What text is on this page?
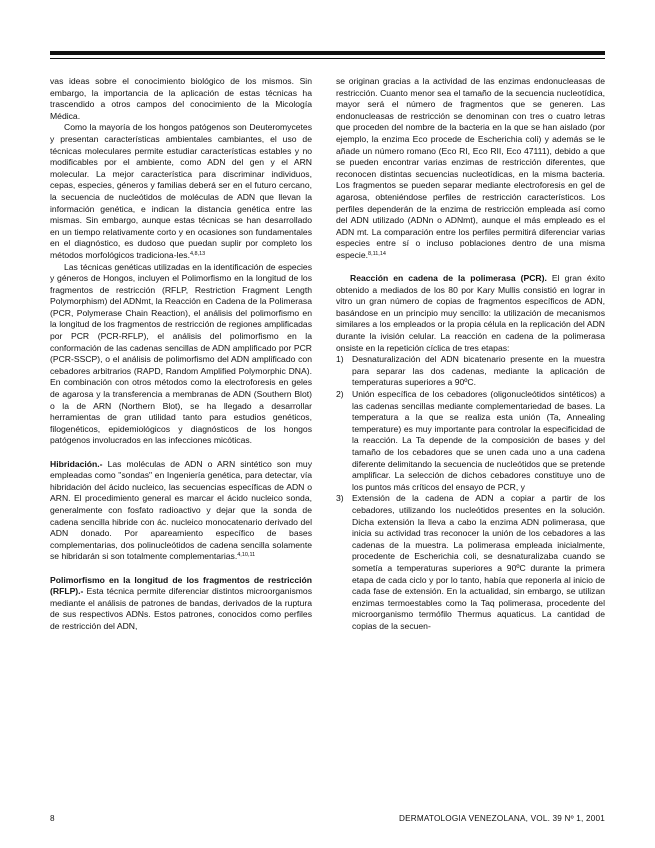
vas ideas sobre el conocimiento biológico de los mismos. Sin embargo, la importancia de la aplicación de estas técnicas ha trascendido a otros campos del conocimiento de la Micología Médica.

Como la mayoría de los hongos patógenos son Deuteromycetes y presentan características ambientales cambiantes, el uso de técnicas moleculares permite estudiar características estables y no modificables por el ambiente, como ADN del gen y el ARN molecular. La mejor característica para discriminar individuos, cepas, especies, géneros y familias deberá ser en el futuro cercano, la secuencia de nucleótidos de moléculas de ADN que llevan la información genética, e indican la distancia genética entre las mismas. Sin embargo, aunque estas técnicas se han desarrollado en un tiempo relativamente corto y en ocasiones son fundamentales en el diagnóstico, es dudoso que puedan suplir por completo los métodos morfológicos tradiciona-les.$^{4,8,13}$

Las técnicas genéticas utilizadas en la identificación de especies y géneros de Hongos, incluyen el Polimorfismo en la longitud de los fragmentos de restricción (RFLP, Restriction Fragment Length Polymorphism) del ADNmt, la Reacción en Cadena de la Polimerasa (PCR, Polymerase Chain Reaction), el análisis del polimorfismo en la longitud de los fragmentos de restricción de regiones amplificadas por PCR (PCR-RFLP), el análisis del polimorfismo en la conformación de las cadenas sencillas de ADN amplificado por PCR (PCR-SSCP), o el análisis de polimorfismo del ADN amplificado con cebadores arbitrarios (RAPD, Random Amplified Polymorphic DNA). En combinación con otros métodos como la electroforesis en geles de agarosa y la transferencia a membranas de ADN (Southern Blot) o la de ARN (Northern Blot), se ha llegado a desarrollar herramientas de gran utilidad tanto para estudios genéticos, filogenéticos, epidemiológicos y diagnósticos de los hongos patógenos involucrados en las infecciones micóticas.

Hibridación.- Las moléculas de ADN o ARN sintético son muy empleadas como "sondas" en Ingeniería genética, para detectar, vía hibridación del ácido nucleico, las secuencias específicas de ADN o ARN. El procedimiento general es marcar el ácido nucleico sonda, generalmente con fosfato radioactivo y dejar que la sonda de cadena sencilla hibride con ác. nucleico monocatenario derivado del ADN donado. Por apareamiento específico de bases complementarias, dos polinucleótidos de cadena sencilla solamente se hibridarán si son totalmente complementarias.$^{4,10,11}$

Polimorfismo en la longitud de los fragmentos de restricción (RFLP).- Esta técnica permite diferenciar distintos microorganismos mediante el análisis de patrones de bandas, derivados de la ruptura de sus respectivos ADNs. Estos patrones, conocidos como perfiles de restricción del ADN,

se originan gracias a la actividad de las enzimas endonucleasas de restricción. Cuanto menor sea el tamaño de la secuencia nucleotídica, mayor será el número de fragmentos que se generen. Las endonucleasas de restricción se denominan con tres o cuatro letras que proceden del nombre de la bacteria en la que se han aislado (por ejemplo, la enzima Eco procede de Escherichia coli) y además se le añade un número romano (Eco RI, Eco RII, Eco 47111), debido a que se pueden encontrar varias enzimas de restricción diferentes, que reconocen distintas secuencias nucleotídicas, en la misma bacteria. Los fragmentos se pueden separar mediante electroforesis en gel de agarosa, obteniéndose perfiles de restricción característicos. Los perfiles dependerán de la enzima de restricción empleada así como del ADN utilizado (ADNn o ADNmt), aunque el más empleado es el ADN mt. La comparación entre los perfiles permitirá diferenciar varias especies entre sí o incluso poblaciones dentro de una misma especie.$^{8,11,14}$

Reacción en cadena de la polimerasa (PCR). El gran éxito obtenido a mediados de los 80 por Kary Mullis consistió en lograr in vitro un gran número de copias de fragmentos específicos de ADN, basándose en un principio muy sencillo: la utilización de mecanismos similares a los empleados or la propia célula en la replicación del ADN durante la ivisión celular. La reacción en cadena de la polimerasa onsiste en la repetición cíclica de tres etapas:

1) Desnaturalización del ADN bicatenario presente en la muestra para separar las dos cadenas, mediante la aplicación de temperaturas superiores a 90ºC.
2) Unión específica de los cebadores (oligonucleótidos sintéticos) a las cadenas sencillas mediante complementariedad de bases. La temperatura a la que se realiza esta unión (Ta, Annealing temperature) es muy importante para controlar la especificidad de la reacción. La Ta depende de la composición de bases y del tamaño de los cebadores que se unen cada uno a una cadena diferente delimitando la secuencia de nucleótidos que se pretende amplificar. La selección de dichos cebadores constituye uno de los puntos más críticos del ensayo de PCR, y
3) Extensión de la cadena de ADN a copiar a partir de los cebadores, utilizando los nucleótidos presentes en la solución. Dicha extensión la lleva a cabo la enzima ADN polimerasa, que inicia su actividad tras reconocer la unión de los cebadores a las cadenas de la muestra. La polimerasa empleada inicialmente, procedente de Escherichia coli, se desnaturalizaba cuando se sometía a temperaturas superiores a 90ºC durante la primera etapa de cada ciclo y por lo tanto, había que reponerla al inicio de cada fase de extensión. En la actualidad, sin embargo, se utilizan enzimas termoestables como la Taq polimerasa, procedente del microorganismo termófilo Thermus aquaticus. La cantidad de copias de la secuen-
8	DERMATOLOGIA VENEZOLANA, VOL. 39 Nº 1, 2001
